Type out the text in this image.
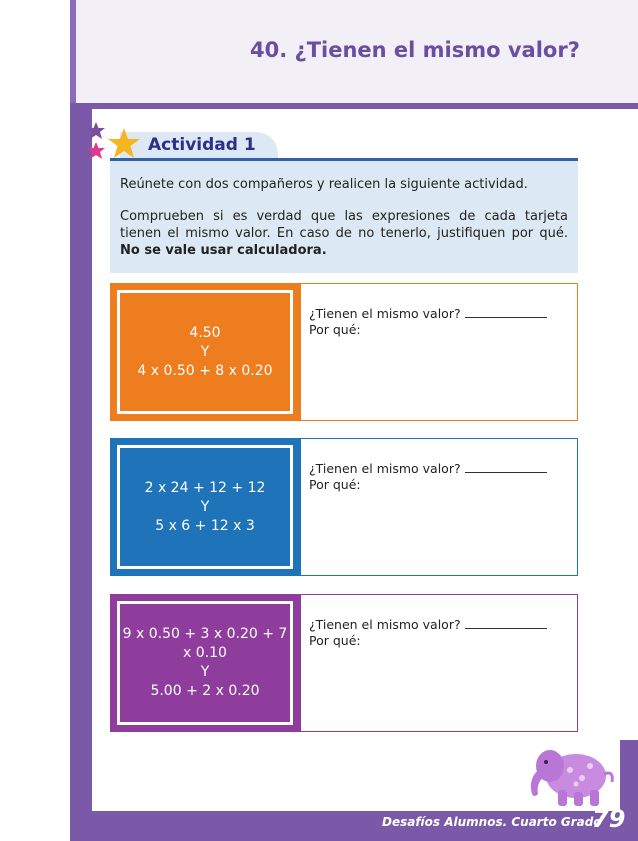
40. ¿Tienen el mismo valor?
Actividad 1
Reúnete con dos compañeros y realicen la siguiente actividad.
Comprueben si es verdad que las expresiones de cada tarjeta tienen el mismo valor. En caso de no tenerlo, justifiquen por qué. No se vale usar calculadora.
4.50
Y
4 x 0.50 + 8 x 0.20
¿Tienen el mismo valor?
Por qué:
2 x 24 + 12 + 12
Y
5 x 6 + 12 x 3
¿Tienen el mismo valor?
Por qué:
9 x 0.50 + 3 x 0.20 + 7 x 0.10
Y
5.00 + 2 x 0.20
¿Tienen el mismo valor?
Por qué:
Desafíos Alumnos. Cuarto Grado
79
